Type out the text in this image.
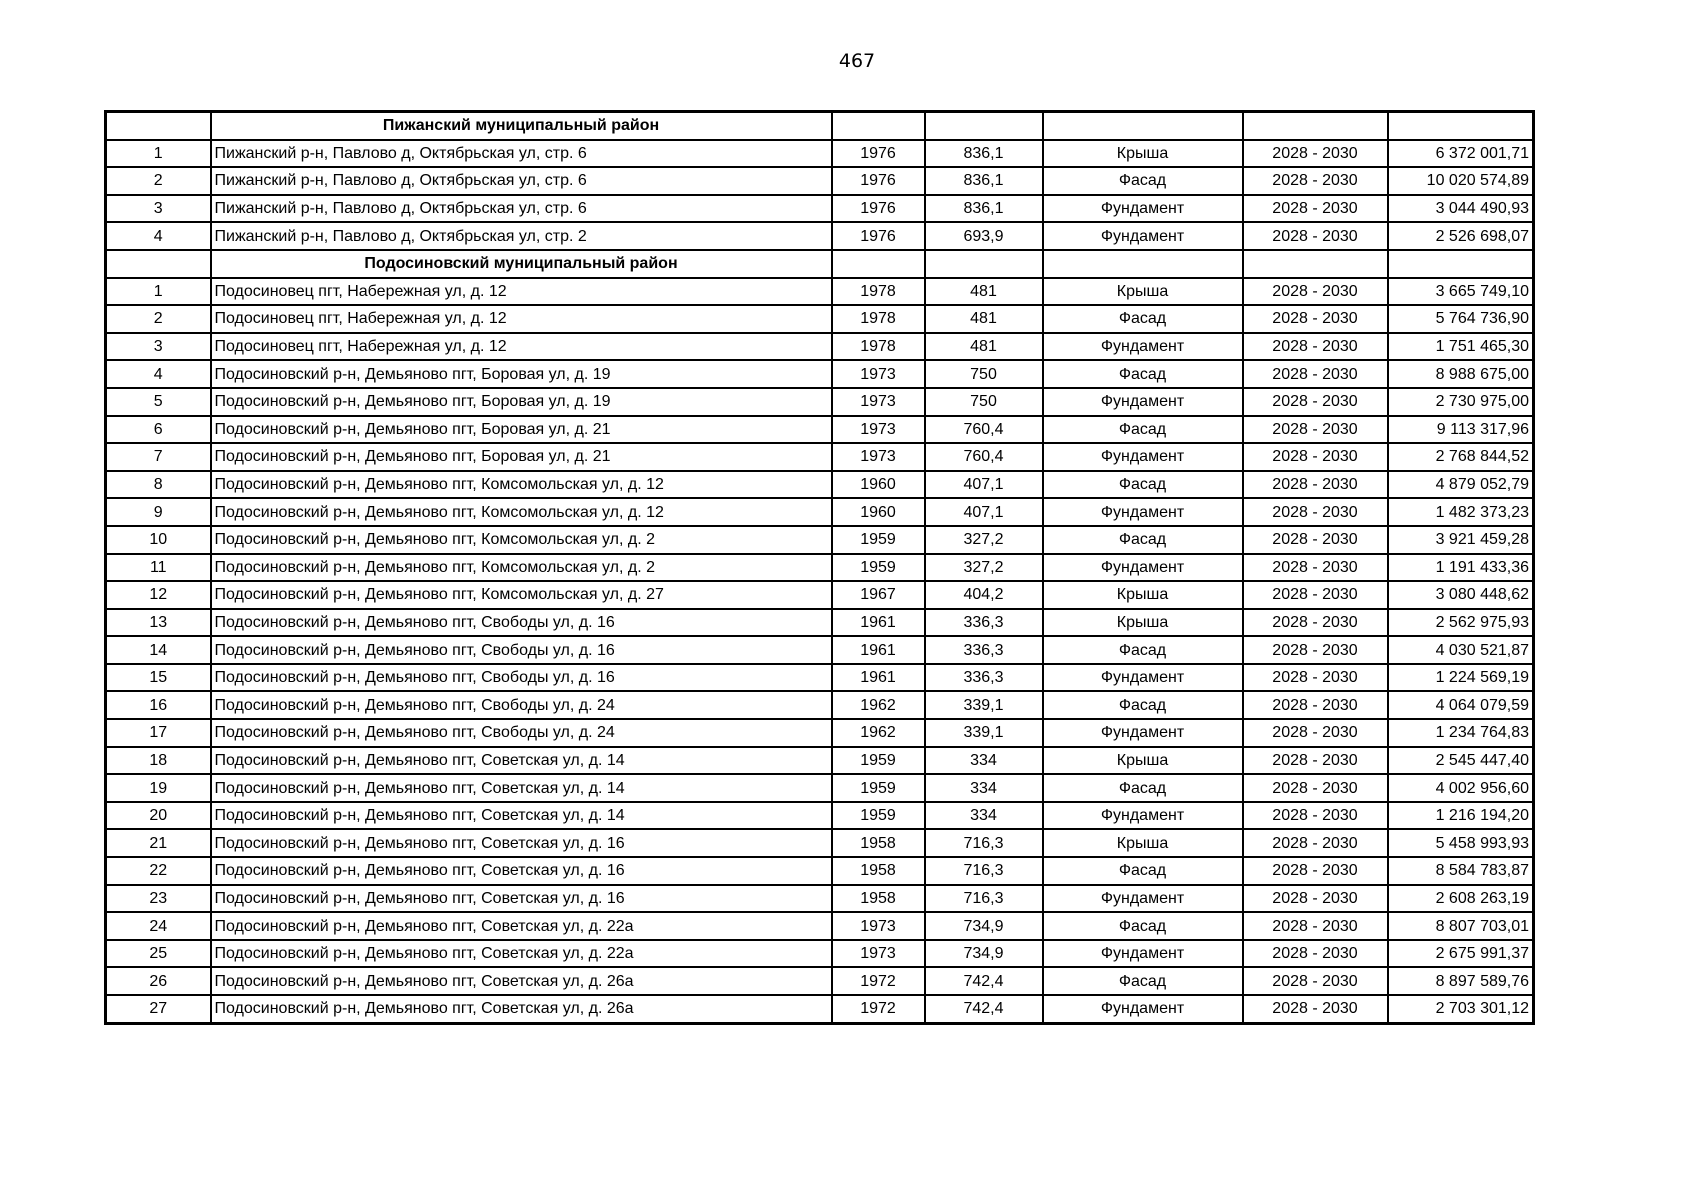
467
	Пижанский муниципальный район					
1	Пижанский р-н, Павлово д, Октябрьская ул, стр. 6	1976	836,1	Крыша	2028 - 2030	6 372 001,71
2	Пижанский р-н, Павлово д, Октябрьская ул, стр. 6	1976	836,1	Фасад	2028 - 2030	10 020 574,89
3	Пижанский р-н, Павлово д, Октябрьская ул, стр. 6	1976	836,1	Фундамент	2028 - 2030	3 044 490,93
4	Пижанский р-н, Павлово д, Октябрьская ул, стр. 2	1976	693,9	Фундамент	2028 - 2030	2 526 698,07
	Подосиновский муниципальный район					
1	Подосиновец пгт, Набережная ул, д. 12	1978	481	Крыша	2028 - 2030	3 665 749,10
2	Подосиновец пгт, Набережная ул, д. 12	1978	481	Фасад	2028 - 2030	5 764 736,90
3	Подосиновец пгт, Набережная ул, д. 12	1978	481	Фундамент	2028 - 2030	1 751 465,30
4	Подосиновский р-н, Демьяново пгт, Боровая ул, д. 19	1973	750	Фасад	2028 - 2030	8 988 675,00
5	Подосиновский р-н, Демьяново пгт, Боровая ул, д. 19	1973	750	Фундамент	2028 - 2030	2 730 975,00
6	Подосиновский р-н, Демьяново пгт, Боровая ул, д. 21	1973	760,4	Фасад	2028 - 2030	9 113 317,96
7	Подосиновский р-н, Демьяново пгт, Боровая ул, д. 21	1973	760,4	Фундамент	2028 - 2030	2 768 844,52
8	Подосиновский р-н, Демьяново пгт, Комсомольская ул, д. 12	1960	407,1	Фасад	2028 - 2030	4 879 052,79
9	Подосиновский р-н, Демьяново пгт, Комсомольская ул, д. 12	1960	407,1	Фундамент	2028 - 2030	1 482 373,23
10	Подосиновский р-н, Демьяново пгт, Комсомольская ул, д. 2	1959	327,2	Фасад	2028 - 2030	3 921 459,28
11	Подосиновский р-н, Демьяново пгт, Комсомольская ул, д. 2	1959	327,2	Фундамент	2028 - 2030	1 191 433,36
12	Подосиновский р-н, Демьяново пгт, Комсомольская ул, д. 27	1967	404,2	Крыша	2028 - 2030	3 080 448,62
13	Подосиновский р-н, Демьяново пгт, Свободы ул, д. 16	1961	336,3	Крыша	2028 - 2030	2 562 975,93
14	Подосиновский р-н, Демьяново пгт, Свободы ул, д. 16	1961	336,3	Фасад	2028 - 2030	4 030 521,87
15	Подосиновский р-н, Демьяново пгт, Свободы ул, д. 16	1961	336,3	Фундамент	2028 - 2030	1 224 569,19
16	Подосиновский р-н, Демьяново пгт, Свободы ул, д. 24	1962	339,1	Фасад	2028 - 2030	4 064 079,59
17	Подосиновский р-н, Демьяново пгт, Свободы ул, д. 24	1962	339,1	Фундамент	2028 - 2030	1 234 764,83
18	Подосиновский р-н, Демьяново пгт, Советская ул, д. 14	1959	334	Крыша	2028 - 2030	2 545 447,40
19	Подосиновский р-н, Демьяново пгт, Советская ул, д. 14	1959	334	Фасад	2028 - 2030	4 002 956,60
20	Подосиновский р-н, Демьяново пгт, Советская ул, д. 14	1959	334	Фундамент	2028 - 2030	1 216 194,20
21	Подосиновский р-н, Демьяново пгт, Советская ул, д. 16	1958	716,3	Крыша	2028 - 2030	5 458 993,93
22	Подосиновский р-н, Демьяново пгт, Советская ул, д. 16	1958	716,3	Фасад	2028 - 2030	8 584 783,87
23	Подосиновский р-н, Демьяново пгт, Советская ул, д. 16	1958	716,3	Фундамент	2028 - 2030	2 608 263,19
24	Подосиновский р-н, Демьяново пгт, Советская ул, д. 22а	1973	734,9	Фасад	2028 - 2030	8 807 703,01
25	Подосиновский р-н, Демьяново пгт, Советская ул, д. 22а	1973	734,9	Фундамент	2028 - 2030	2 675 991,37
26	Подосиновский р-н, Демьяново пгт, Советская ул, д. 26а	1972	742,4	Фасад	2028 - 2030	8 897 589,76
27	Подосиновский р-н, Демьяново пгт, Советская ул, д. 26а	1972	742,4	Фундамент	2028 - 2030	2 703 301,12
